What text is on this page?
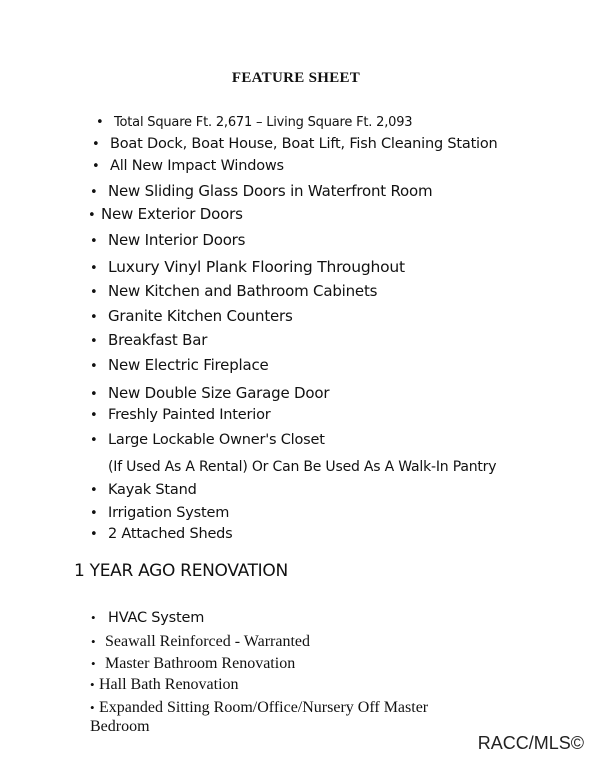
FEATURE SHEET
• Total Square Ft. 2,671 – Living Square Ft. 2,093
• Boat Dock, Boat House, Boat Lift, Fish Cleaning Station
• All New Impact Windows
• New Sliding Glass Doors in Waterfront Room
• New Exterior Doors
• New Interior Doors
• Luxury Vinyl Plank Flooring Throughout
• New Kitchen and Bathroom Cabinets
• Granite Kitchen Counters
• Breakfast Bar
• New Electric Fireplace
• New Double Size Garage Door
• Freshly Painted Interior
• Large Lockable Owner's Closet
(If Used As A Rental) Or Can Be Used As A Walk-In Pantry
• Kayak Stand
• Irrigation System
• 2 Attached Sheds
1 YEAR AGO RENOVATION
• HVAC System
• Seawall Reinforced - Warranted
• Master Bathroom Renovation
• Hall Bath Renovation
• Expanded Sitting Room/Office/Nursery Off Master
Bedroom
RACC/MLS©
